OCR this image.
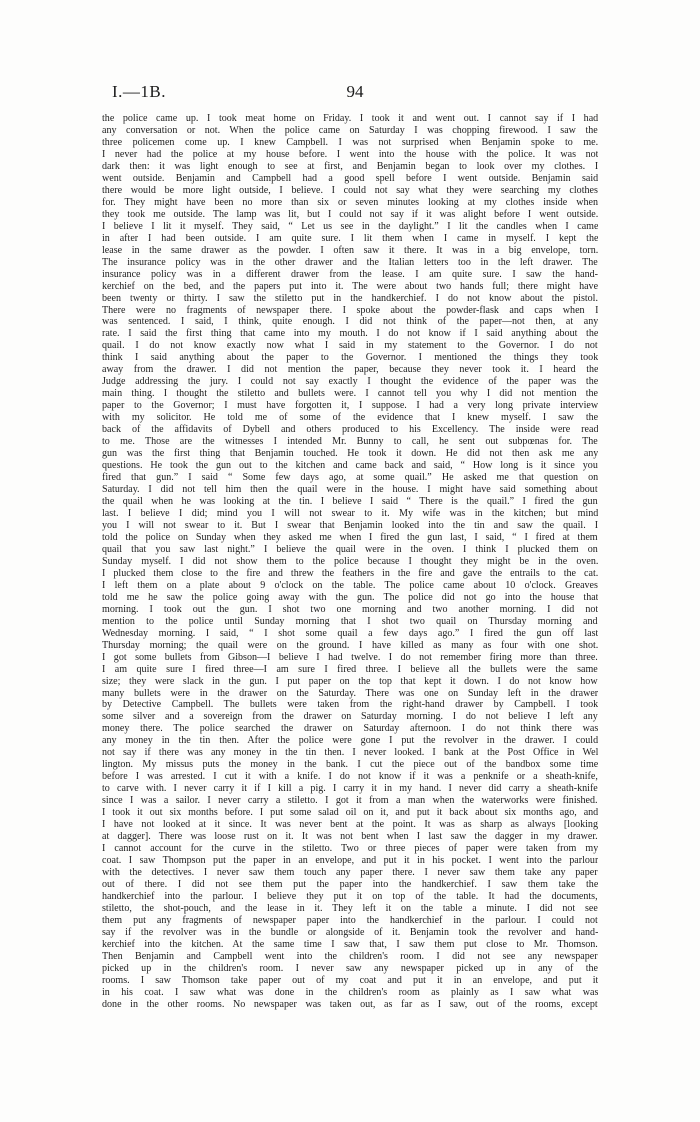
I.—1B.	94
the police came up. I took meat home on Friday. I took it and went out. I cannot say if I had
any conversation or not. When the police came on Saturday I was chopping firewood. I saw the
three policemen come up. I knew Campbell. I was not surprised when Benjamin spoke to me.
I never had the police at my house before. I went into the house with the police. It was not
dark then: it was light enough to see at first, and Benjamin began to look over my clothes. I
went outside. Benjamin and Campbell had a good spell before I went outside. Benjamin said
there would be more light outside, I believe. I could not say what they were searching my clothes
for. They might have been no more than six or seven minutes looking at my clothes inside when
they took me outside. The lamp was lit, but I could not say if it was alight before I went outside.
I believe I lit it myself. They said, “ Let us see in the daylight.” I lit the candles when I came
in after I had been outside. I am quite sure. I lit them when I came in myself. I kept the
lease in the same drawer as the powder. I often saw it there. It was in a big envelope, torn.
The insurance policy was in the other drawer and the Italian letters too in the left drawer. The
insurance policy was in a different drawer from the lease. I am quite sure. I saw the hand-
kerchief on the bed, and the papers put into it. The were about two hands full; there might have
been twenty or thirty. I saw the stiletto put in the handkerchief. I do not know about the pistol.
There were no fragments of newspaper there. I spoke about the powder-flask and caps when I
was sentenced. I said, I think, quite enough. I did not think of the paper—not then, at any
rate. I said the first thing that came into my mouth. I do not know if I said anything about the
quail. I do not know exactly now what I said in my statement to the Governor. I do not
think I said anything about the paper to the Governor. I mentioned the things they took
away from the drawer. I did not mention the paper, because they never took it. I heard the
Judge addressing the jury. I could not say exactly I thought the evidence of the paper was the
main thing. I thought the stiletto and bullets were. I cannot tell you why I did not mention the
paper to the Governor; I must have forgotten it, I suppose. I had a very long private interview
with my solicitor. He told me of some of the evidence that I knew myself. I saw the
back of the affidavits of Dybell and others produced to his Excellency. The inside were read
to me. Those are the witnesses I intended Mr. Bunny to call, he sent out subpœnas for. The
gun was the first thing that Benjamin touched. He took it down. He did not then ask me any
questions. He took the gun out to the kitchen and came back and said, “ How long is it since you
fired that gun.” I said “ Some few days ago, at some quail.” He asked me that question on
Saturday. I did not tell him then the quail were in the house. I might have said something about
the quail when he was looking at the tin. I believe I said “ There is the quail.” I fired the gun
last. I believe I did; mind you I will not swear to it. My wife was in the kitchen; but mind
you I will not swear to it. But I swear that Benjamin looked into the tin and saw the quail. I
told the police on Sunday when they asked me when I fired the gun last, I said, “ I fired at them
quail that you saw last night.” I believe the quail were in the oven. I think I plucked them on
Sunday myself. I did not show them to the police because I thought they might be in the oven.
I plucked them close to the fire and threw the feathers in the fire and gave the entrails to the cat.
I left them on a plate about 9 o'clock on the table. The police came about 10 o'clock. Greaves
told me he saw the police going away with the gun. The police did not go into the house that
morning. I took out the gun. I shot two one morning and two another morning. I did not
mention to the police until Sunday morning that I shot two quail on Thursday morning and
Wednesday morning. I said, “ I shot some quail a few days ago.” I fired the gun off last
Thursday morning; the quail were on the ground. I have killed as many as four with one shot.
I got some bullets from Gibson—I believe I had twelve. I do not remember firing more than three.
I am quite sure I fired three—I am sure I fired three. I believe all the bullets were the same
size; they were slack in the gun. I put paper on the top that kept it down. I do not know how
many bullets were in the drawer on the Saturday. There was one on Sunday left in the drawer
by Detective Campbell. The bullets were taken from the right-hand drawer by Campbell. I took
some silver and a sovereign from the drawer on Saturday morning. I do not believe I left any
money there. The police searched the drawer on Saturday afternoon. I do not think there was
any money in the tin then. After the police were gone I put the revolver in the drawer. I could
not say if there was any money in the tin then. I never looked. I bank at the Post Office in Wel
lington. My missus puts the money in the bank. I cut the piece out of the bandbox some time
before I was arrested. I cut it with a knife. I do not know if it was a penknife or a sheath-knife,
to carve with. I never carry it if I kill a pig. I carry it in my hand. I never did carry a sheath-knife
since I was a sailor. I never carry a stiletto. I got it from a man when the waterworks were finished.
I took it out six months before. I put some salad oil on it, and put it back about six months ago, and
I have not looked at it since. It was never bent at the point. It was as sharp as always [looking
at dagger]. There was loose rust on it. It was not bent when I last saw the dagger in my drawer.
I cannot account for the curve in the stiletto. Two or three pieces of paper were taken from my
coat. I saw Thompson put the paper in an envelope, and put it in his pocket. I went into the parlour
with the detectives. I never saw them touch any paper there. I never saw them take any paper
out of there. I did not see them put the paper into the handkerchief. I saw them take the
handkerchief into the parlour. I believe they put it on top of the table. It had the documents,
stiletto, the shot-pouch, and the lease in it. They left it on the table a minute. I did not see
them put any fragments of newspaper paper into the handkerchief in the parlour. I could not
say if the revolver was in the bundle or alongside of it. Benjamin took the revolver and hand-
kerchief into the kitchen. At the same time I saw that, I saw them put close to Mr. Thomson.
Then Benjamin and Campbell went into the children's room. I did not see any newspaper
picked up in the children's room. I never saw any newspaper picked up in any of the
rooms. I saw Thomson take paper out of my coat and put it in an envelope, and put it
in his coat. I saw what was done in the children's room as plainly as I saw what was
done in the other rooms. No newspaper was taken out, as far as I saw, out of the rooms, except
